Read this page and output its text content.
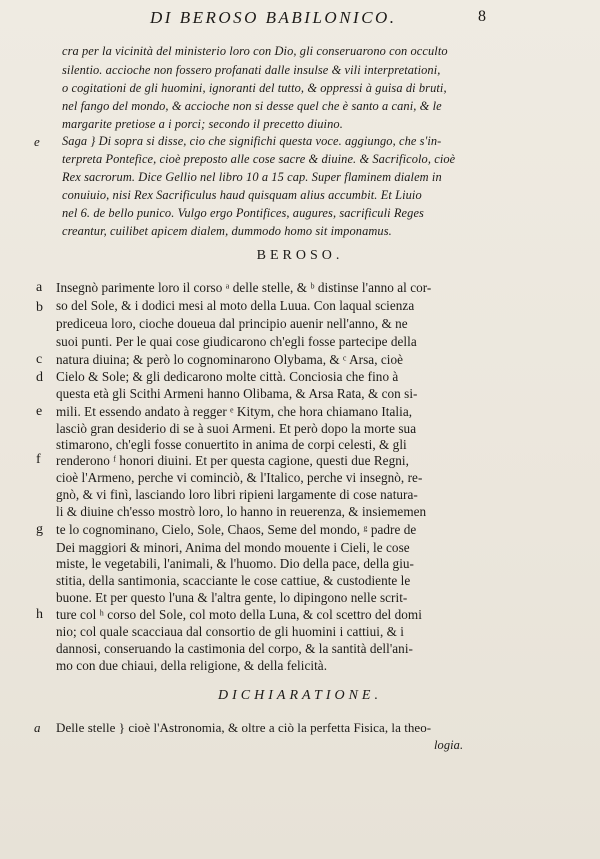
DI BEROSO BABILONICO.	8
cra per la vicinità del ministerio loro con Dio, gli conseruarono con occulto
silentio. accioche non fossero profanati dalle insulse & vili interpretationi,
o cogitationi de gli huomini, ignoranti del tutto, & oppressi à guisa di bruti,
nel fango del mondo, & accioche non si desse quel che è santo a cani, & le
margarite pretiose a i porci; secondo il precetto diuino.
e Saga } Di sopra si disse, cio che significhi questa voce. aggiungo, che s'in-
terpreta Pontefice, cioè preposto alle cose sacre & diuine. & Sacrificolo, cioè
Rex sacrorum. Dice Gellio nel libro 10 a 15 cap. Super flaminem dialem in
conuiuio, nisi Rex Sacrificulus haud quisquam alius accumbit. Et Liuio
nel 6. de bello punico. Vulgo ergo Pontifices, augures, sacrificuli Reges
creantur, cuilibet apicem dialem, dummodo homo sit imponamus.
BEROSO.
a
b
c
d
e
f
g
h
Insegnò parimente loro il corso ᵃ delle stelle, & ᵇ distinse l'anno al cor-
so del Sole, & i dodici mesi al moto della Luua. Con laqual scienza
prediceua loro, cioche doueua dal principio auenir nell'anno, & ne
suoi punti. Per le quai cose giudicarono ch'egli fosse partecipe della
natura diuina; & però lo cognominarono Olybama, & ᶜ Arsa, cioè
Cielo & Sole; & gli dedicarono molte città. Conciosia che fino à
questa età gli Scithi Armeni hanno Olibama, & Arsa Rata, & con si-
mili. Et essendo andato à regger ᵉ Kitym, che hora chiamano Italia,
lasciò gran desiderio di se à suoi Armeni. Et però dopo la morte sua
stimarono, ch'egli fosse conuertito in anima de corpi celesti, & gli
renderono ᶠ honori diuini. Et per questa cagione, questi due Regni,
cioè l'Armeno, perche vi cominciò, & l'Italico, perche vi insegnò, re-
gnò, & vi finì, lasciando loro libri ripieni largamente di cose natura-
li & diuine ch'esso mostrò loro, lo hanno in reuerenza, & insiememen
te lo cognominano, Cielo, Sole, Chaos, Seme del mondo, ᵍ padre de
Dei maggiori & minori, Anima del mondo mouente i Cieli, le cose
miste, le vegetabili, l'animali, & l'huomo. Dio della pace, della giu-
stitia, della santimonia, scacciante le cose cattiue, & custodiente le
buone. Et per questo l'una & l'altra gente, lo dipingono nelle scrit-
ture col ʰ corso del Sole, col moto della Luna, & col scettro del domi
nio; col quale scacciaua dal consortio de gli huomini i cattiui, & i
dannosi, conseruando la castimonia del corpo, & la santità dell'ani-
mo con due chiaui, della religione, & della felicità.
DICHIARATIONE.
a Delle stelle } cioè l'Astronomia, & oltre a ciò la perfetta Fisica, la theo-
logia.
